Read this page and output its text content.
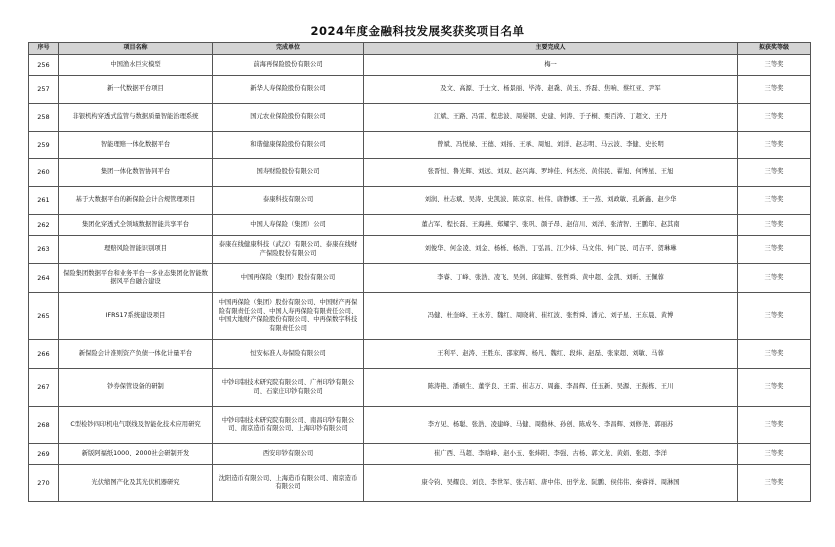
2024年度金融科技发展奖获奖项目名单
序号	项目名称	完成单位	主要完成人	拟获奖等级
256	中国渔水巨灾模型	前海再保险股份有限公司	梅一	三等奖
257	新一代数据平台项目	新华人寿保险股份有限公司	及文、高源、于士文、杨景丽、毕涛、赵毳、黄玉、乔磊、焦响、蔡红亚、尹军	三等奖
258	非银机构穿透式监管与数据质量智能治理系统	国元农业保险股份有限公司	江斌、王路、冯雷、程忠波、周晏钢、史建、何涛、于子桐、栗百涛、丁超文、王丹	三等奖
259	智能理赔一体化数据平台	和谐健康保险股份有限公司	曾斌、冯悦禄、王德、刘扬、王承、周旭、刘洋、赵志明、马云波、李健、史长明	三等奖
260	集团一体化数智协同平台	国寿财险股份有限公司	张晋恒、鲁光辉、刘远、刘双、赵兴海、罗坤佳、何杰亮、黄伟民、翟旭、何博星、王旭	三等奖
261	基于大数据平台的新保险会计合规管理项目	泰康科技有限公司	刘润、杜志斌、吴涛、史凯波、陈京京、杜伟、唐静娜、王一蒸、刘政敏、孔新鑫、赵少华	三等奖
262	集团化穿透式全领域数据智能共享平台	中国人寿保险（集团）公司	董占军、程长磊、王海燕、郑耀宇、张巩、颜子昂、赵信川、刘洋、张清智、王鹏年、赵其南	三等奖
263	理赔风险智能识别项目	泰康在线健康科技（武汉）有限公司、泰康在线财产保险股份有限公司	刘俊华、何金凌、刘金、杨栎、杨浩、丁弘昌、江少炜、马文伟、何广民、司吉平、贺琳琳	三等奖
264	保险集团数据平台和业务平台一多业态集团化智能数据风平台融合建设	中国再保险（集团）股份有限公司	李睿、丁峰、张浩、凌飞、吴剑、邱建辉、张哲舜、黄中超、金凯、刘昕、王佩蓉	三等奖
265	IFRS17系统建设项目	中国再保险（集团）股份有限公司、中国财产再保险有限责任公司、中国人寿再保险有限责任公司、中国大地财产保险股份有限公司、中再保数字科技有限责任公司	冯健、杜奎峰、王永芳、魏红、周晓莉、崔红波、张哲舜、潘元、刘子星、王东晨、黄博	三等奖
266	新保险会计准则资产负债一体化计量平台	恒安标准人寿保险有限公司	王利平、赵涛、王胜东、邵家辉、杨凡、魏红、段炜、赵磊、张家超、刘敏、马蓉	三等奖
267	钞券保管设备的研制	中钞印制技术研究院有限公司、广州印钞有限公司、石家庄印钞有限公司	陈涛艳、潘硕生、董学良、王雷、崔志万、周鑫、李昌辉、任玉新、吴源、王振栋、王川	三等奖
268	C型检钞四印机电气联线及智能化技术应用研究	中钞印制技术研究院有限公司、南昌印钞有限公司、南京造币有限公司、上海印钞有限公司	李方见、杨聪、张浩、凌建峰、马健、周勤林、孙创、陈成冬、李昌辉、刘修尧、郭丽苏	三等奖
269	新版阿福纸1000、2000社会研制开发	西安印钞有限公司	崔广西、马超、李晗峰、赵小玉、张炜阳、李强、古杨、郭文龙、黄娟、张超、李洋	三等奖
270	光伏缩图产化及其光伏机器研究	沈阳造币有限公司、上海造币有限公司、南京造币有限公司	康令钧、吴耀良、刘良、李世军、张吉昭、唐中伟、田学龙、阮鹏、侯伟伟、秦睿祥、周淋国	三等奖
